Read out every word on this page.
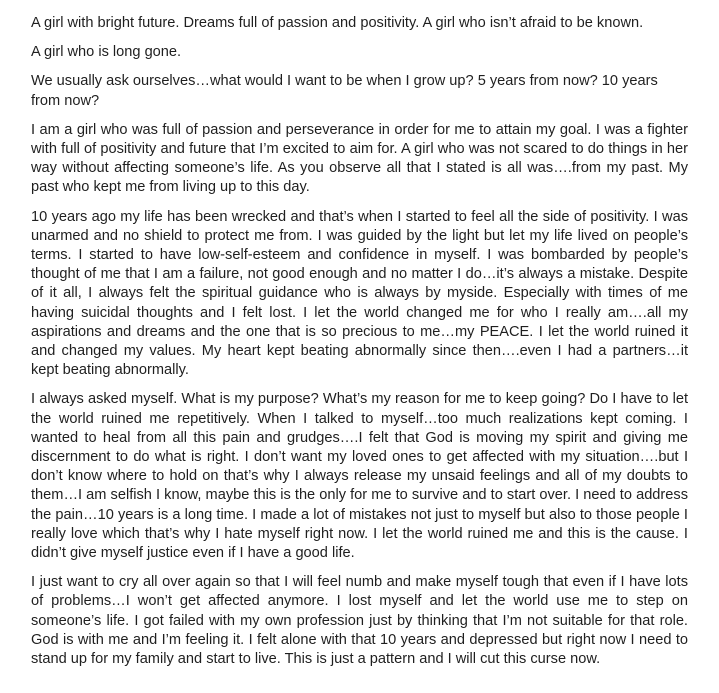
A girl with bright future. Dreams full of passion and positivity. A girl who isn’t afraid to be known.

A girl who is long gone.

We usually ask ourselves…what would I want to be when I grow up? 5 years from now? 10 years from now?

I am a girl who was full of passion and perseverance in order for me to attain my goal. I was a fighter with full of positivity and future that I’m excited to aim for. A girl who was not scared to do things in her way without affecting someone’s life. As you observe all that I stated is all was….from my past. My past who kept me from living up to this day.

10 years ago my life has been wrecked and that’s when I started to feel all the side of positivity. I was unarmed and no shield to protect me from. I was guided by the light but let my life lived on people’s terms. I started to have low-self-esteem and confidence in myself. I was bombarded by people’s thought of me that I am a failure, not good enough and no matter I do…it’s always a mistake. Despite of it all, I always felt the spiritual guidance who is always by myside. Especially with times of me having suicidal thoughts and I felt lost. I let the world changed me for who I really am….all my aspirations and dreams and the one that is so precious to me…my PEACE. I let the world ruined it and changed my values. My heart kept beating abnormally since then….even I had a partners…it kept beating abnormally.

I always asked myself. What is my purpose? What’s my reason for me to keep going? Do I have to let the world ruined me repetitively. When I talked to myself…too much realizations kept coming. I wanted to heal from all this pain and grudges….I felt that God is moving my spirit and giving me discernment to do what is right. I don’t want my loved ones to get affected with my situation….but I don’t know where to hold on that’s why I always release my unsaid feelings and all of my doubts to them…I am selfish I know, maybe this is the only for me to survive and to start over. I need to address the pain…10 years is a long time. I made a lot of mistakes not just to myself but also to those people I really love which that’s why I hate myself right now. I let the world ruined me and this is the cause. I didn’t give myself justice even if I have a good life.

I just want to cry all over again so that I will feel numb and make myself tough that even if I have lots of problems…I won’t get affected anymore. I lost myself and let the world use me to step on someone’s life. I got failed with my own profession just by thinking that I’m not suitable for that role. God is with me and I’m feeling it. I felt alone with that 10 years and depressed but right now I need to stand up for my family and start to live. This is just a pattern and I will cut this curse now.
